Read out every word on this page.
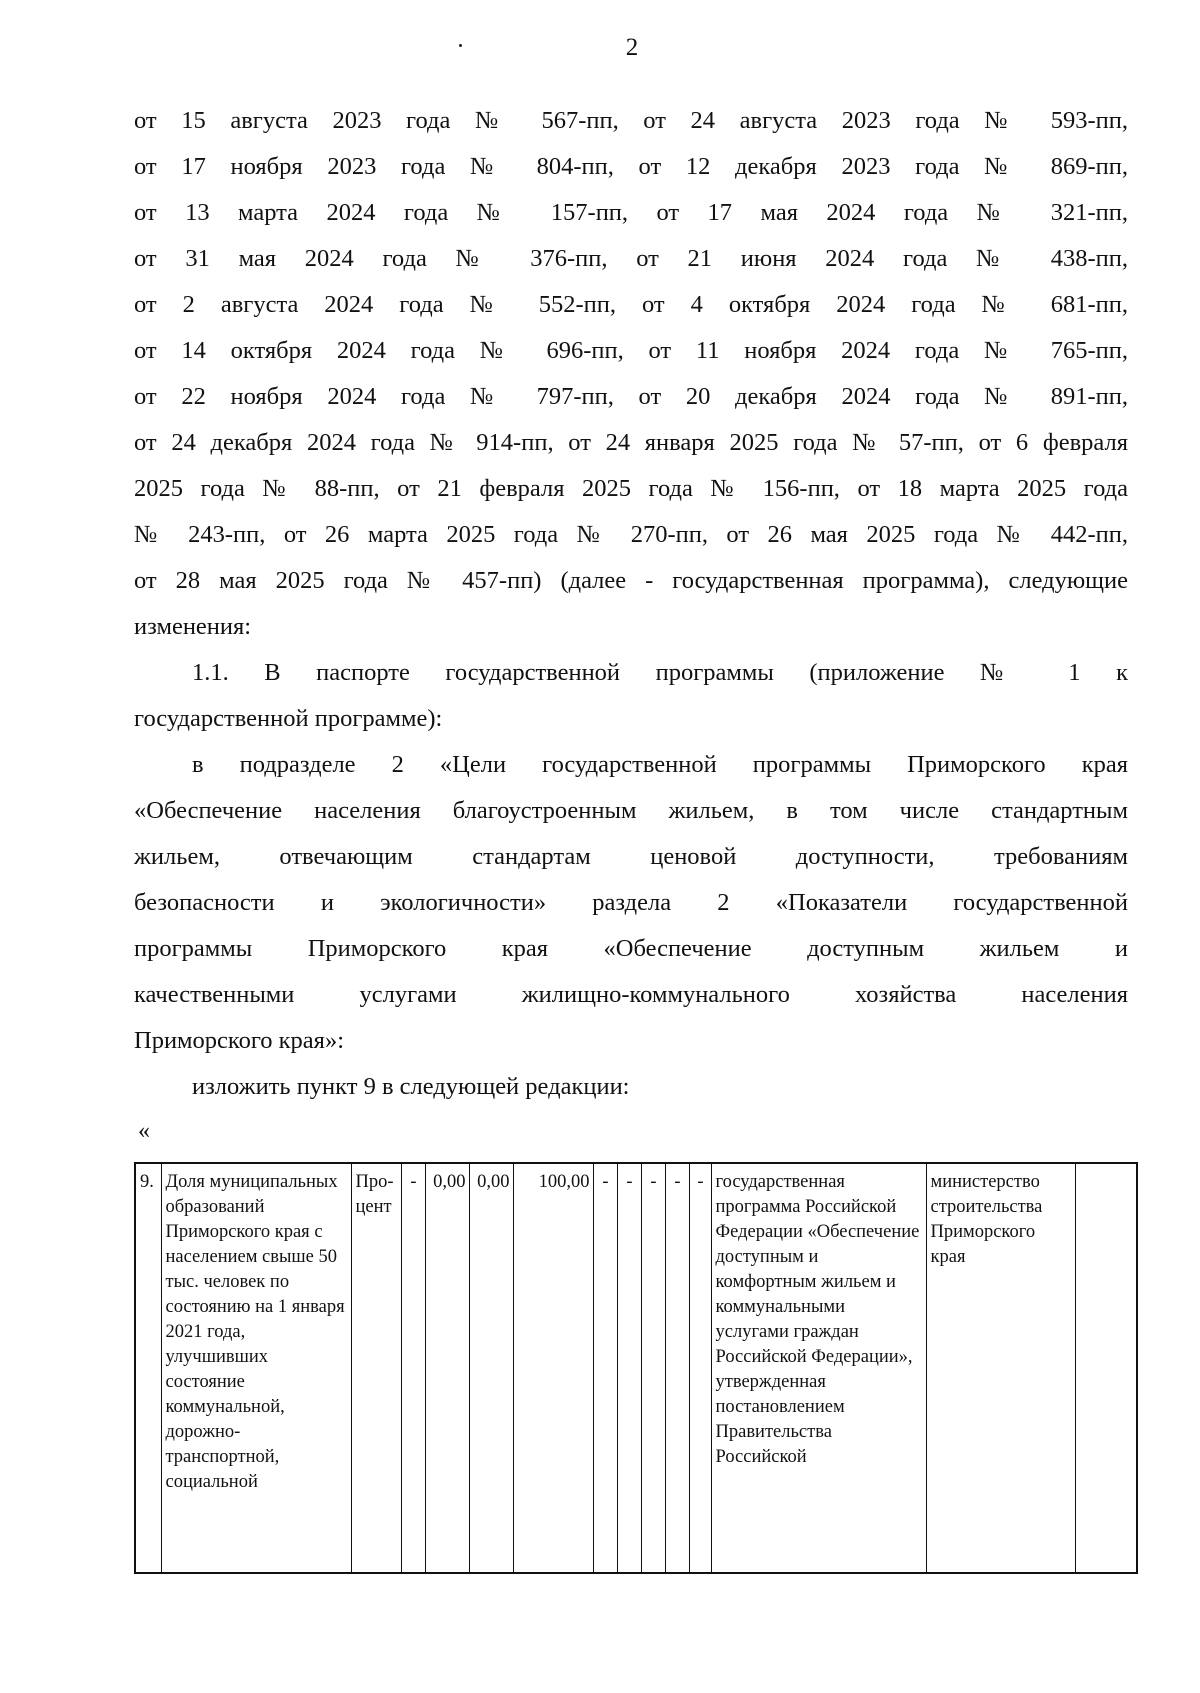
2

от 15 августа 2023 года № 567-пп, от 24 августа 2023 года № 593-пп,

от 17 ноября 2023 года № 804-пп, от 12 декабря 2023 года № 869-пп,

от 13 марта 2024 года № 157-пп, от 17 мая 2024 года № 321-пп,

от 31 мая 2024 года № 376-пп, от 21 июня 2024 года № 438-пп,

от 2 августа 2024 года № 552-пп, от 4 октября 2024 года № 681-пп,

от 14 октября 2024 года № 696-пп, от 11 ноября 2024 года № 765-пп,

от 22 ноября 2024 года № 797-пп, от 20 декабря 2024 года № 891-пп,

от 24 декабря 2024 года № 914-пп, от 24 января 2025 года № 57-пп, от 6 февраля

2025 года № 88-пп, от 21 февраля 2025 года № 156-пп, от 18 марта 2025 года

№ 243-пп, от 26 марта 2025 года № 270-пп, от 26 мая 2025 года № 442-пп,

от 28 мая 2025 года № 457-пп) (далее - государственная программа), следующие

изменения:

1.1. В паспорте государственной программы (приложение № 1 к

государственной программе):

в подразделе 2 «Цели государственной программы Приморского края

«Обеспечение населения благоустроенным жильем, в том числе стандартным

жильем, отвечающим стандартам ценовой доступности, требованиям

безопасности и экологичности» раздела 2 «Показатели государственной

программы Приморского края «Обеспечение доступным жильем и

качественными услугами жилищно-коммунального хозяйства населения

Приморского края»:

изложить пункт 9 в следующей редакции:

«
9.	Доля муниципальных образований Приморского края с населением свыше 50 тыс. человек по состоянию на 1 января 2021 года, улучшивших состояние коммунальной, дорожно-транспортной, социальной	Про-цент	-	0,00	0,00	100,00	-	-	-	-	-	государственная программа Российской Федерации «Обеспечение доступным и комфортным жильем и коммунальными услугами граждан Российской Федерации», утвержденная постановлением Правительства Российской	министерство строительства Приморского края	
